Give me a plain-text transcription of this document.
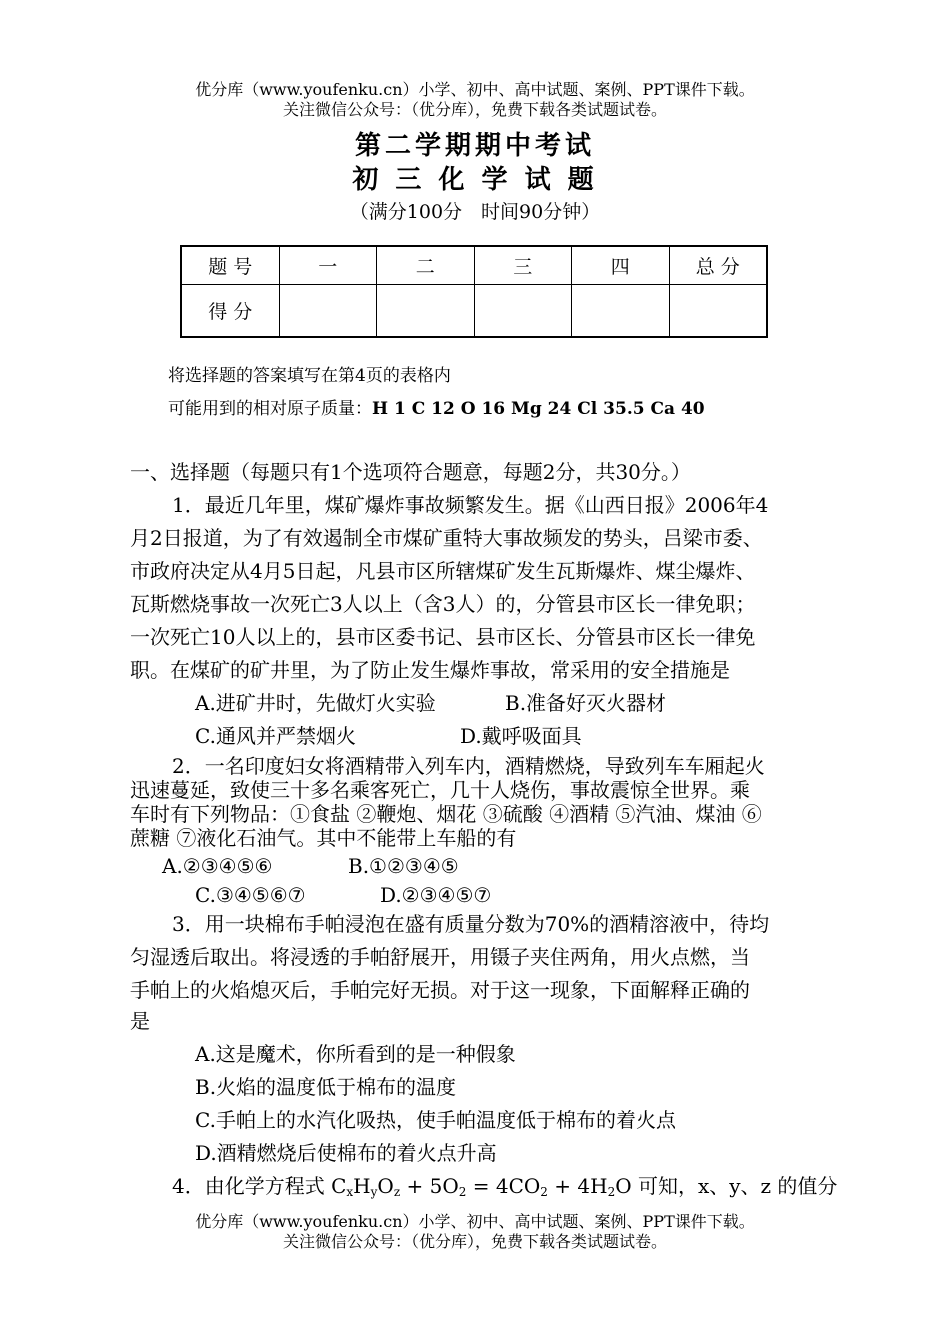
优分库（www.youfenku.cn）小学、初中、高中试题、案例、PPT课件下载。
关注微信公众号：（优分库），免费下载各类试题试卷。
第二学期期中考试
初 三 化 学 试 题
（满分100分　时间90分钟）
题 号	一	二	三	四	总 分
得 分					
将选择题的答案填写在第4页的表格内
可能用到的相对原子质量：H 1 C 12 O 16 Mg 24 Cl 35.5 Ca 40
一、选择题（每题只有1个选项符合题意，每题2分，共30分。）
1．最近几年里，煤矿爆炸事故频繁发生。据《山西日报》2006年4
月2日报道，为了有效遏制全市煤矿重特大事故频发的势头，吕梁市委、
市政府决定从4月5日起，凡县市区所辖煤矿发生瓦斯爆炸、煤尘爆炸、
瓦斯燃烧事故一次死亡3人以上（含3人）的，分管县市区长一律免职；
一次死亡10人以上的，县市区委书记、县市区长、分管县市区长一律免
职。在煤矿的矿井里，为了防止发生爆炸事故，常采用的安全措施是
A.进矿井时，先做灯火实验	B.准备好灭火器材
C.通风并严禁烟火	D.戴呼吸面具
2．一名印度妇女将酒精带入列车内，酒精燃烧，导致列车车厢起火
迅速蔓延，致使三十多名乘客死亡，几十人烧伤，事故震惊全世界。乘
车时有下列物品：①食盐 ②鞭炮、烟花 ③硫酸 ④酒精 ⑤汽油、煤油 ⑥
蔗糖 ⑦液化石油气。其中不能带上车船的有
A.②③④⑤⑥	B.①②③④⑤
C.③④⑤⑥⑦	D.②③④⑤⑦
3．用一块棉布手帕浸泡在盛有质量分数为70%的酒精溶液中，待均
匀湿透后取出。将浸透的手帕舒展开，用镊子夹住两角，用火点燃，当
手帕上的火焰熄灭后，手帕完好无损。对于这一现象，下面解释正确的
是
A.这是魔术，你所看到的是一种假象
B.火焰的温度低于棉布的温度
C.手帕上的水汽化吸热，使手帕温度低于棉布的着火点
D.酒精燃烧后使棉布的着火点升高
4．由化学方程式 $C_xH_yO_z + 5O_2 = 4CO_2 + 4H_2O$ 可知，x、y、z 的值分
优分库（www.youfenku.cn）小学、初中、高中试题、案例、PPT课件下载。
关注微信公众号：（优分库），免费下载各类试题试卷。
